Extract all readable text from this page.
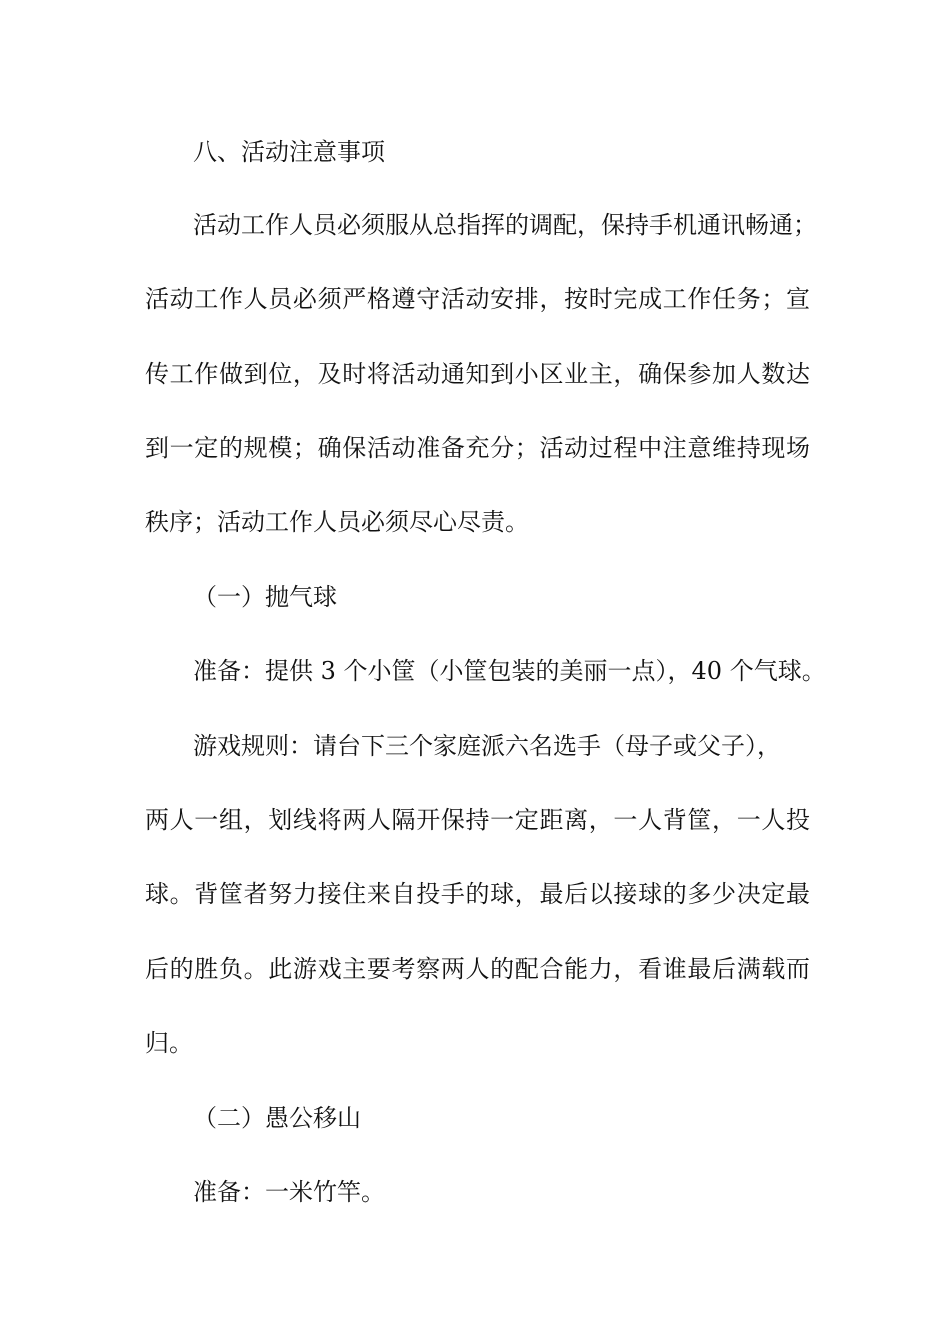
八、活动注意事项

活动工作人员必须服从总指挥的调配，保持手机通讯畅通；

活动工作人员必须严格遵守活动安排，按时完成工作任务；宣

传工作做到位，及时将活动通知到小区业主，确保参加人数达

到一定的规模；确保活动准备充分；活动过程中注意维持现场

秩序；活动工作人员必须尽心尽责。

（一）抛气球

准备：提供 3 个小筐（小筐包装的美丽一点），40 个气球。

游戏规则：请台下三个家庭派六名选手（母子或父子），

两人一组，划线将两人隔开保持一定距离，一人背筐，一人投

球。背筐者努力接住来自投手的球，最后以接球的多少决定最

后的胜负。此游戏主要考察两人的配合能力，看谁最后满载而

归。

（二）愚公移山

准备：一米竹竿。
